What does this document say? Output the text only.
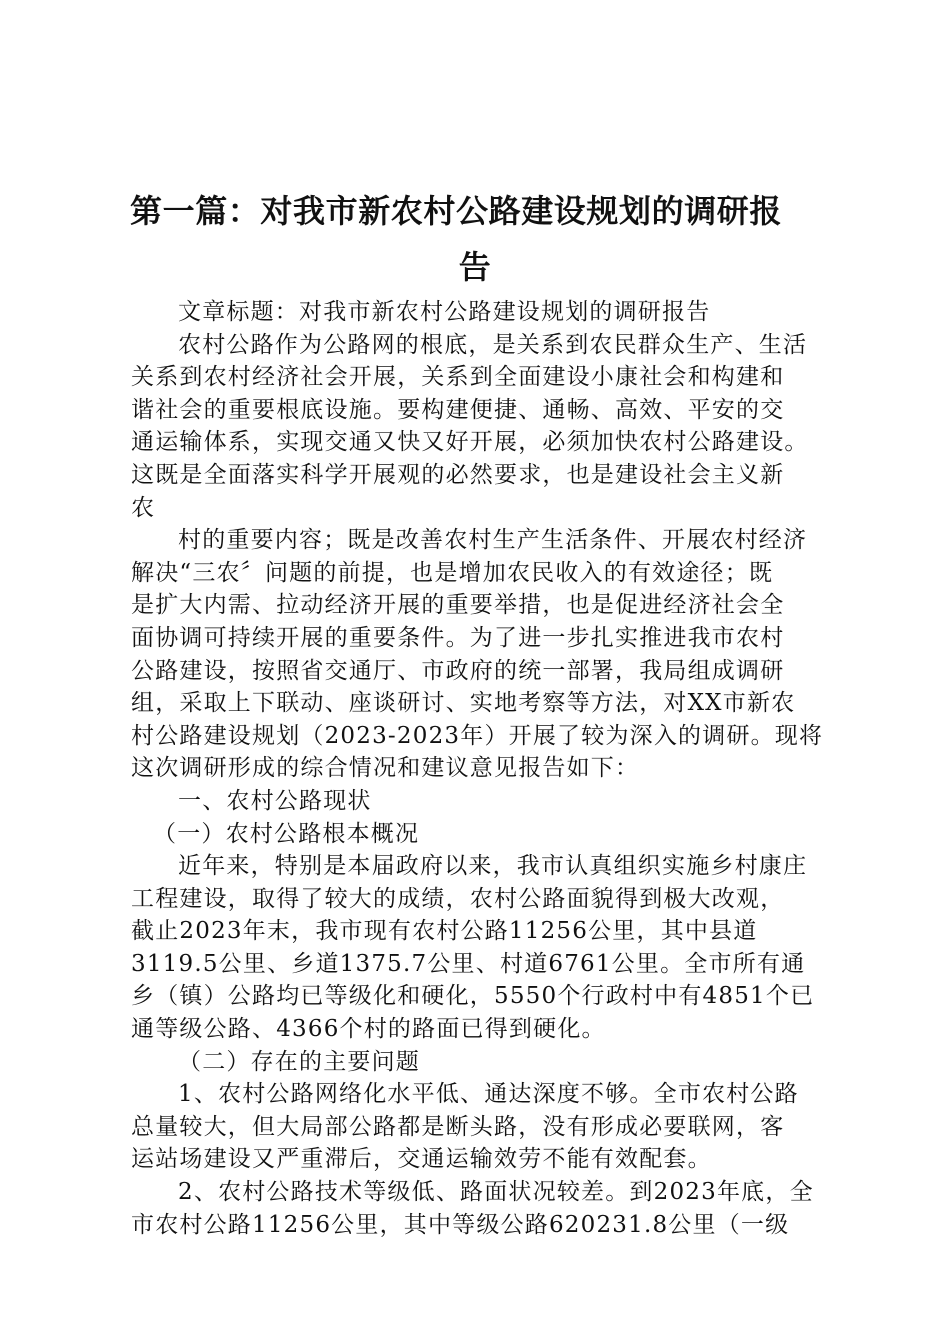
第一篇：对我市新农村公路建设规划的调研报
告
文章标题：对我市新农村公路建设规划的调研报告
农村公路作为公路网的根底，是关系到农民群众生产、生活
关系到农村经济社会开展，关系到全面建设小康社会和构建和
谐社会的重要根底设施。要构建便捷、通畅、高效、平安的交
通运输体系，实现交通又快又好开展，必须加快农村公路建设。
这既是全面落实科学开展观的必然要求，也是建设社会主义新
农
村的重要内容；既是改善农村生产生活条件、开展农村经济
解决“三农〞问题的前提，也是增加农民收入的有效途径；既
是扩大内需、拉动经济开展的重要举措，也是促进经济社会全
面协调可持续开展的重要条件。为了进一步扎实推进我市农村
公路建设，按照省交通厅、市政府的统一部署，我局组成调研
组，采取上下联动、座谈研讨、实地考察等方法，对XX市新农
村公路建设规划（2023-2023年）开展了较为深入的调研。现将
这次调研形成的综合情况和建议意见报告如下：
一、农村公路现状
（一）农村公路根本概况
近年来，特别是本届政府以来，我市认真组织实施乡村康庄
工程建设，取得了较大的成绩，农村公路面貌得到极大改观，
截止2023年末，我市现有农村公路11256公里，其中县道
3119.5公里、乡道1375.7公里、村道6761公里。全市所有通
乡（镇）公路均已等级化和硬化，5550个行政村中有4851个已
通等级公路、4366个村的路面已得到硬化。
（二）存在的主要问题
1、农村公路网络化水平低、通达深度不够。全市农村公路
总量较大，但大局部公路都是断头路，没有形成必要联网，客
运站场建设又严重滞后，交通运输效劳不能有效配套。
2、农村公路技术等级低、路面状况较差。到2023年底，全
市农村公路11256公里，其中等级公路620231.8公里（一级
